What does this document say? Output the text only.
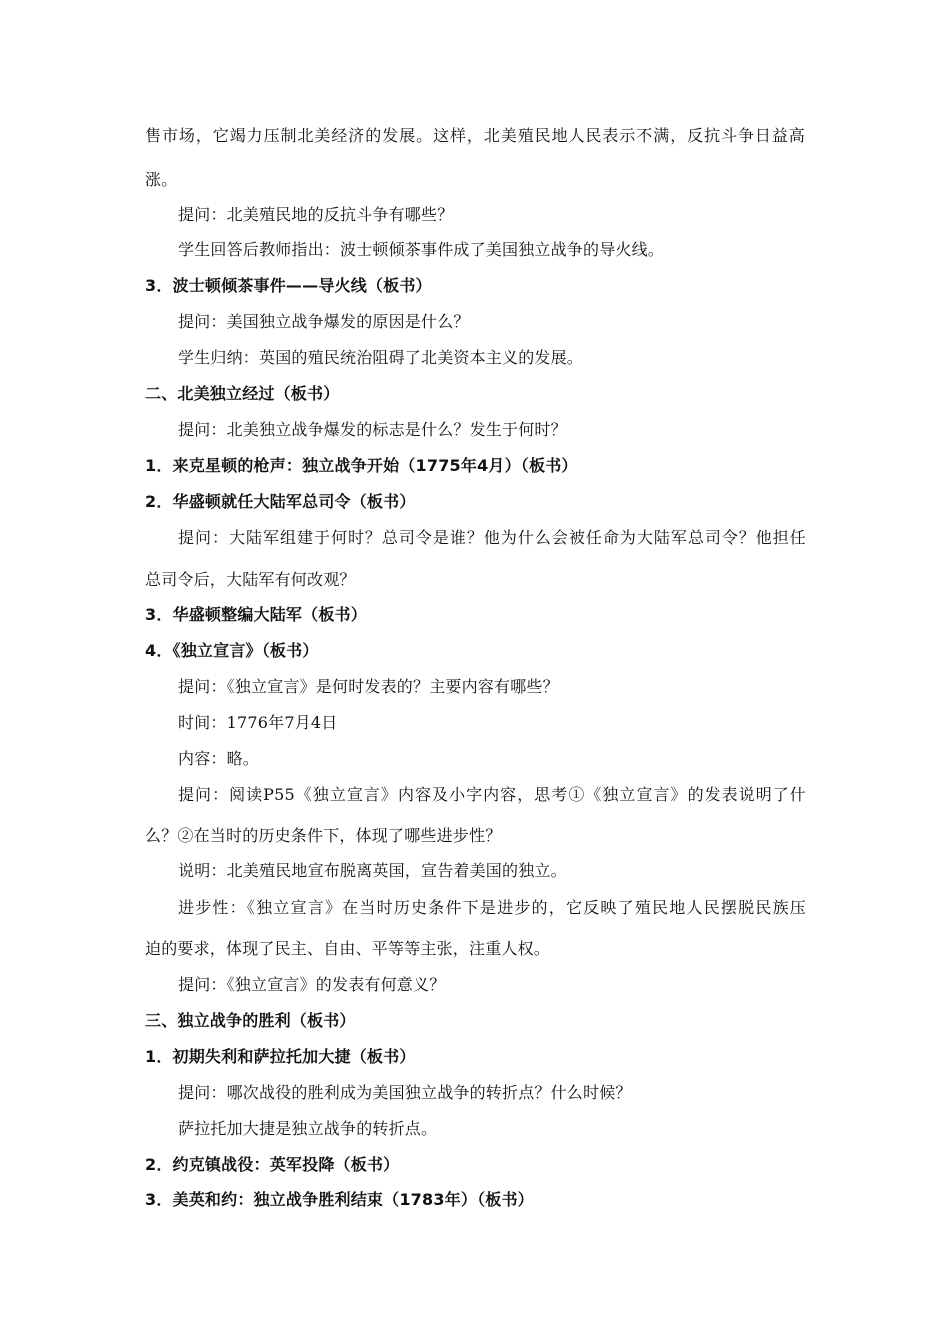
售市场，它竭力压制北美经济的发展。这样，北美殖民地人民表示不满，反抗斗争日益高
涨。
提问：北美殖民地的反抗斗争有哪些？
学生回答后教师指出：波士顿倾茶事件成了美国独立战争的导火线。
3．波士顿倾茶事件——导火线（板书）
提问：美国独立战争爆发的原因是什么？
学生归纳：英国的殖民统治阻碍了北美资本主义的发展。
二、北美独立经过（板书）
提问：北美独立战争爆发的标志是什么？发生于何时？
1．来克星顿的枪声：独立战争开始（1775年4月）（板书）
2．华盛顿就任大陆军总司令（板书）
提问：大陆军组建于何时？总司令是谁？他为什么会被任命为大陆军总司令？他担任
总司令后，大陆军有何改观？
3．华盛顿整编大陆军（板书）
4．《独立宣言》（板书）
提问：《独立宣言》是何时发表的？主要内容有哪些？
时间：1776年7月4日
内容：略。
提问：阅读P55《独立宣言》内容及小字内容，思考①《独立宣言》的发表说明了什
么？②在当时的历史条件下，体现了哪些进步性？
说明：北美殖民地宣布脱离英国，宣告着美国的独立。
进步性：《独立宣言》在当时历史条件下是进步的，它反映了殖民地人民摆脱民族压
迫的要求，体现了民主、自由、平等等主张，注重人权。
提问：《独立宣言》的发表有何意义？
三、独立战争的胜利（板书）
1．初期失利和萨拉托加大捷（板书）
提问：哪次战役的胜利成为美国独立战争的转折点？什么时候？
萨拉托加大捷是独立战争的转折点。
2．约克镇战役：英军投降（板书）
3．美英和约：独立战争胜利结束（1783年）（板书）
